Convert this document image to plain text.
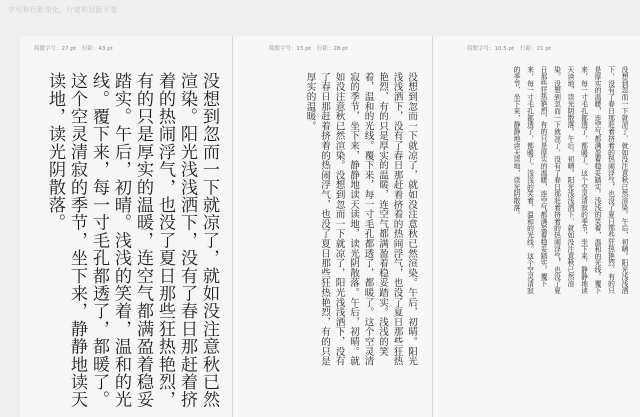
字号和行距变化，行宽和间距不变
简繁字号：27 pt 行距：43 pt
没想到忽而一下就凉了，就如没注意秋已然渲染。阳光浅浅洒下，没有了春日那赶着挤着的热闹浮气，也没了夏日那些狂热艳烈，有的只是厚实的温暖，连空气都满盈着稳妥踏实。午后，初晴。浅浅的笑着，温和的光线。覆下来，每一寸毛孔都透了，都暖了。这个空灵清寂的季节，坐下来，静静地读天读地，读光阴散落。
简繁字号：15 pt 行距：28 pt
没想到忽而一下就凉了，就如没注意秋已然渲染。午后，初晴。阳光浅浅洒下，没有了春日那赶着挤着的热闹浮气，也没了夏日那些狂热艳烈，有的只是厚实的温暖，连空气都满盈着稳妥踏实。浅浅的笑着，温和的光线。覆下来，每一寸毛孔都透了，都暖了。这个空灵清寂的季节，坐下来，静静地读天读地，读光阴散落。午后，初晴。就如没注意秋已然渲染。没想到忽而一下就凉了，阳光浅浅洒下，没有了春日那赶着挤着的热闹浮气，也没了夏日那些狂热艳烈，有的只是厚实的温暖。
简繁字号：10.5 pt 行距：21 pt
没想到忽而一下就凉了，就如没注意秋已然渲染。午后，初晴。阳光浅浅洒下，没有了春日那赶着挤着的热闹浮气，也没了夏日那些狂热艳烈，有的只是厚实的温暖，连空气都满盈着稳妥踏实。浅浅的笑着，温和的光线。覆下来，每一寸毛孔都透了，都暖了。这个空灵清寂的季节，坐下来，静静地读天读地，读光阴散落。午后，初晴。阳光浅浅洒下，就如没注意秋已然渲染。没想到忽而一下就凉了，没有了春日那赶着挤着的热闹浮气，也没了夏日那些狂热艳烈，有的只是厚实的温暖，连空气都满盈着稳妥踏实。覆下来，每一寸毛孔都透了，都暖了。浅浅的笑着，温和的光线。这个空灵清寂的季节，坐下来，静静地读天读地，读光阴散落。
